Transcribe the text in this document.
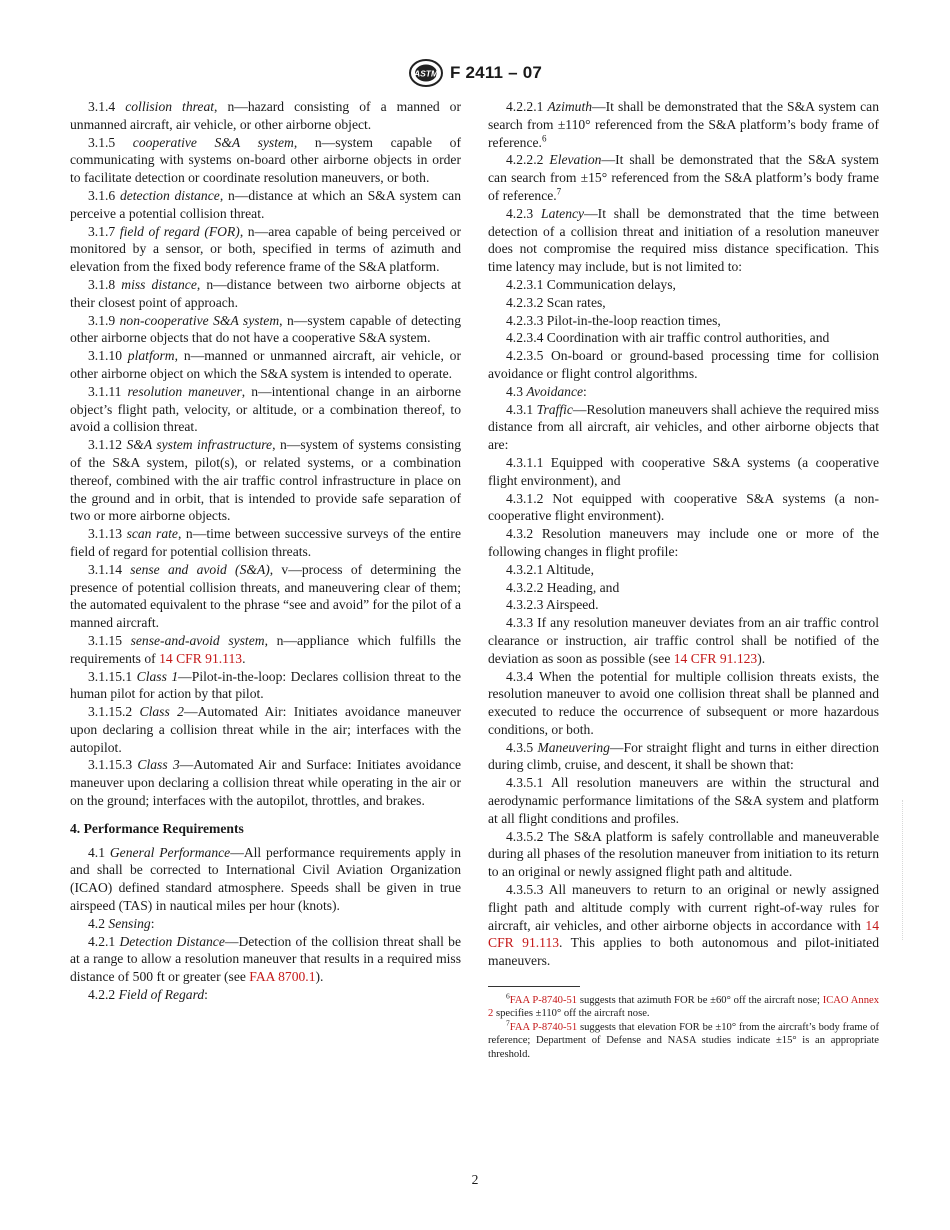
ASTM F 2411 – 07

3.1.4 collision threat, n—hazard consisting of a manned or unmanned aircraft, air vehicle, or other airborne object.

3.1.5 cooperative S&A system, n—system capable of communicating with systems on-board other airborne objects in order to facilitate detection or coordinate resolution maneuvers, or both.

3.1.6 detection distance, n—distance at which an S&A system can perceive a potential collision threat.

3.1.7 field of regard (FOR), n—area capable of being perceived or monitored by a sensor, or both, specified in terms of azimuth and elevation from the fixed body reference frame of the S&A platform.

3.1.8 miss distance, n—distance between two airborne objects at their closest point of approach.

3.1.9 non-cooperative S&A system, n—system capable of detecting other airborne objects that do not have a cooperative S&A system.

3.1.10 platform, n—manned or unmanned aircraft, air vehicle, or other airborne object on which the S&A system is intended to operate.

3.1.11 resolution maneuver, n—intentional change in an airborne object’s flight path, velocity, or altitude, or a combination thereof, to avoid a collision threat.

3.1.12 S&A system infrastructure, n—system of systems consisting of the S&A system, pilot(s), or related systems, or a combination thereof, combined with the air traffic control infrastructure in place on the ground and in orbit, that is intended to provide safe separation of two or more airborne objects.

3.1.13 scan rate, n—time between successive surveys of the entire field of regard for potential collision threats.

3.1.14 sense and avoid (S&A), v—process of determining the presence of potential collision threats, and maneuvering clear of them; the automated equivalent to the phrase “see and avoid” for the pilot of a manned aircraft.

3.1.15 sense-and-avoid system, n—appliance which fulfills the requirements of 14 CFR 91.113.

3.1.15.1 Class 1—Pilot-in-the-loop: Declares collision threat to the human pilot for action by that pilot.

3.1.15.2 Class 2—Automated Air: Initiates avoidance maneuver upon declaring a collision threat while in the air; interfaces with the autopilot.

3.1.15.3 Class 3—Automated Air and Surface: Initiates avoidance maneuver upon declaring a collision threat while operating in the air or on the ground; interfaces with the autopilot, throttles, and brakes.

4. Performance Requirements

4.1 General Performance—All performance requirements apply in and shall be corrected to International Civil Aviation Organization (ICAO) defined standard atmosphere. Speeds shall be given in true airspeed (TAS) in nautical miles per hour (knots).

4.2 Sensing:

4.2.1 Detection Distance—Detection of the collision threat shall be at a range to allow a resolution maneuver that results in a required miss distance of 500 ft or greater (see FAA 8700.1).

4.2.2 Field of Regard:

4.2.2.1 Azimuth—It shall be demonstrated that the S&A system can search from ±110° referenced from the S&A platform’s body frame of reference.$^6$

4.2.2.2 Elevation—It shall be demonstrated that the S&A system can search from ±15° referenced from the S&A platform’s body frame of reference.$^7$

4.2.3 Latency—It shall be demonstrated that the time between detection of a collision threat and initiation of a resolution maneuver does not compromise the required miss distance specification. This time latency may include, but is not limited to:

4.2.3.1 Communication delays,

4.2.3.2 Scan rates,

4.2.3.3 Pilot-in-the-loop reaction times,

4.2.3.4 Coordination with air traffic control authorities, and

4.2.3.5 On-board or ground-based processing time for collision avoidance or flight control algorithms.

4.3 Avoidance:

4.3.1 Traffic—Resolution maneuvers shall achieve the required miss distance from all aircraft, air vehicles, and other airborne objects that are:

4.3.1.1 Equipped with cooperative S&A systems (a cooperative flight environment), and

4.3.1.2 Not equipped with cooperative S&A systems (a non-cooperative flight environment).

4.3.2 Resolution maneuvers may include one or more of the following changes in flight profile:

4.3.2.1 Altitude,

4.3.2.2 Heading, and

4.3.2.3 Airspeed.

4.3.3 If any resolution maneuver deviates from an air traffic control clearance or instruction, air traffic control shall be notified of the deviation as soon as possible (see 14 CFR 91.123).

4.3.4 When the potential for multiple collision threats exists, the resolution maneuver to avoid one collision threat shall be planned and executed to reduce the occurrence of subsequent or more hazardous conditions, or both.

4.3.5 Maneuvering—For straight flight and turns in either direction during climb, cruise, and descent, it shall be shown that:

4.3.5.1 All resolution maneuvers are within the structural and aerodynamic performance limitations of the S&A system and platform at all flight conditions and profiles.

4.3.5.2 The S&A platform is safely controllable and maneuverable during all phases of the resolution maneuver from initiation to its return to an original or newly assigned flight path and altitude.

4.3.5.3 All maneuvers to return to an original or newly assigned flight path and altitude comply with current right-of-way rules for aircraft, air vehicles, and other airborne objects in accordance with 14 CFR 91.113. This applies to both autonomous and pilot-initiated maneuvers.

$^6$FAA P-8740-51 suggests that azimuth FOR be ±60° off the aircraft nose; ICAO Annex 2 specifies ±110° off the aircraft nose.

$^7$FAA P-8740-51 suggests that elevation FOR be ±10° from the aircraft’s body frame of reference; Department of Defense and NASA studies indicate ±15° is an appropriate threshold.

2
